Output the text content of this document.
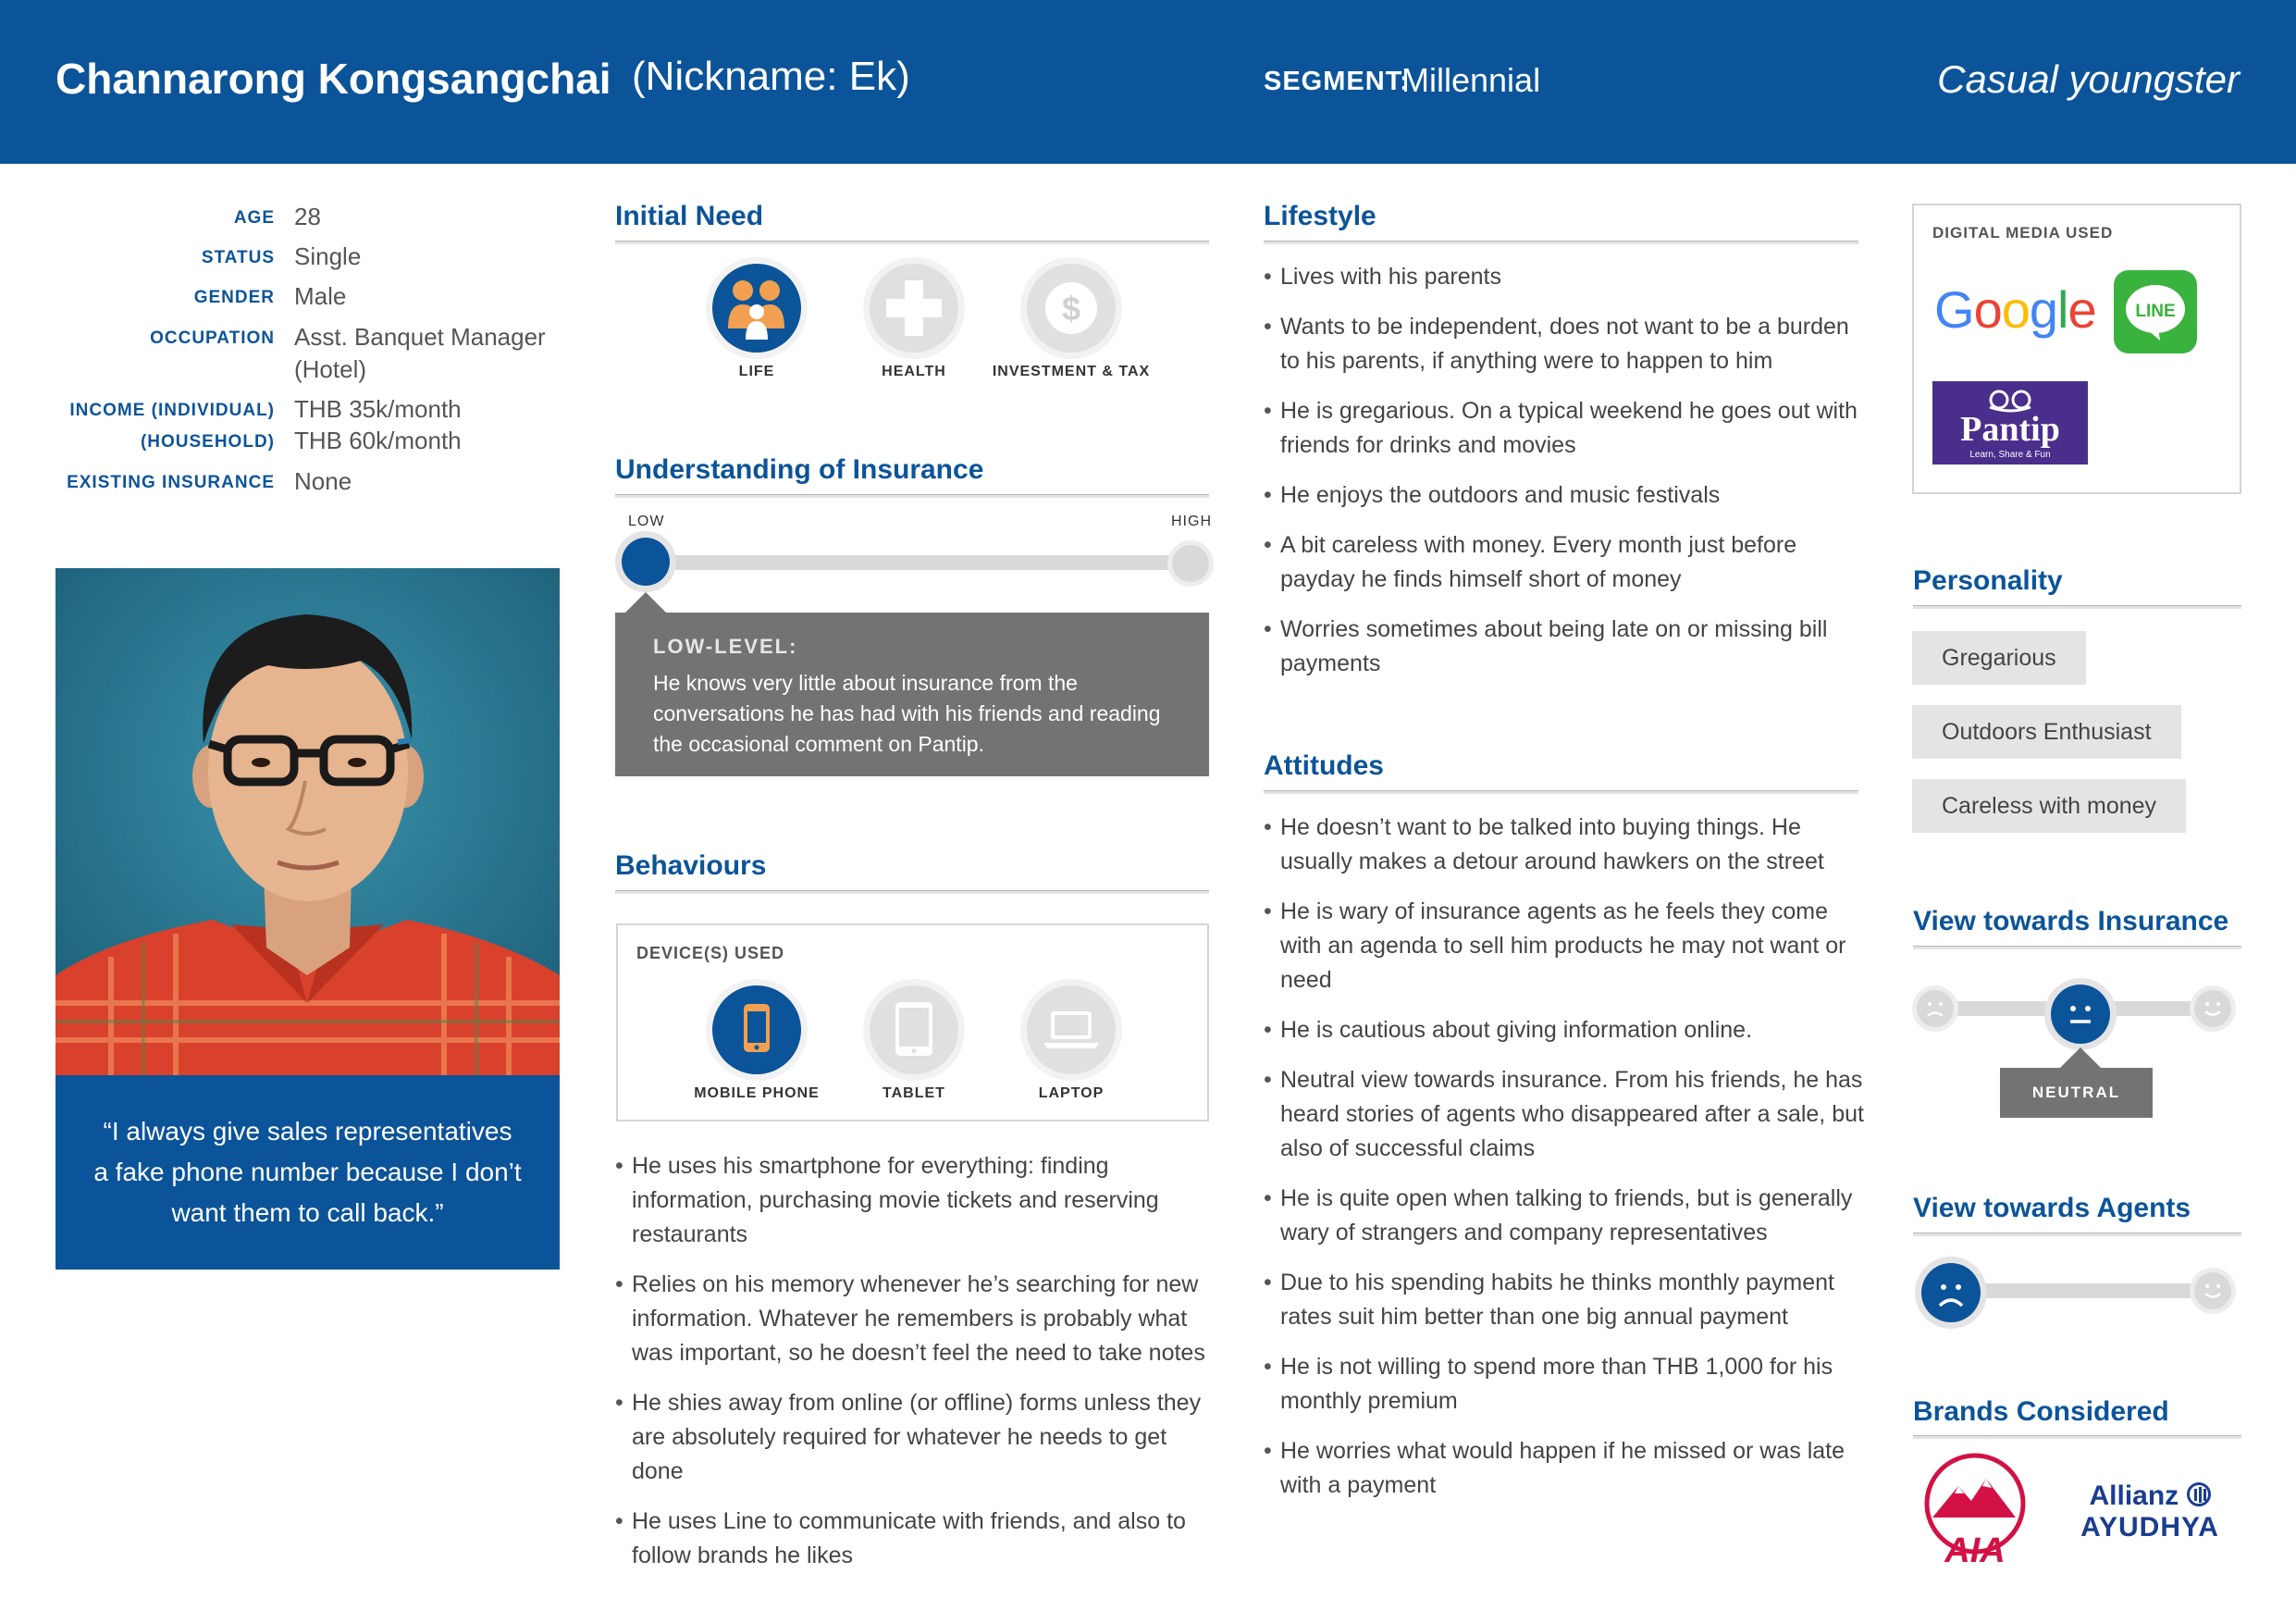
Channarong Kongsangchai (Nickname: Ek)	SEGMENT:
Millennial	Casual youngster
AGE 28
STATUS Single
GENDER Male
OCCUPATION Asst. Banquet Manager
(Hotel)
INCOME (INDIVIDUAL) THB 35k/month
(HOUSEHOLD) THB 60k/month
EXISTING INSURANCE None
“I always give sales representatives a fake phone number because I don’t want them to call back.”
Initial Need
LIFE	HEALTH
$
INVESTMENT & TAX
Understanding of Insurance
LOW	HIGH
LOW-LEVEL:
He knows very little about insurance from the conversations he has had with his friends and reading the occasional comment on Pantip.
Behaviours
DEVICE(S) USED
MOBILE PHONE	TABLET	LAPTOP
• He uses his smartphone for everything: finding information, purchasing movie tickets and reserving restaurants
• Relies on his memory whenever he’s searching for new information. Whatever he remembers is probably what was important, so he doesn’t feel the need to take notes
• He shies away from online (or offline) forms unless they are absolutely required for whatever he needs to get done
• He uses Line to communicate with friends, and also to follow brands he likes
Lifestyle
• Lives with his parents
• Wants to be independent, does not want to be a burden to his parents, if anything were to happen to him
• He is gregarious. On a typical weekend he goes out with friends for drinks and movies
• He enjoys the outdoors and music festivals
• A bit careless with money. Every month just before payday he finds himself short of money
• Worries sometimes about being late on or missing bill payments
Attitudes
• He doesn’t want to be talked into buying things. He usually makes a detour around hawkers on the street
• He is wary of insurance agents as he feels they come with an agenda to sell him products he may not want or need
• He is cautious about giving information online.
• Neutral view towards insurance. From his friends, he has heard stories of agents who disappeared after a sale, but also of successful claims
• He is quite open when talking to friends, but is generally wary of strangers and company representatives
• Due to his spending habits he thinks monthly payment rates suit him better than one big annual payment
• He is not willing to spend more than THB 1,000 for his monthly premium
• He worries what would happen if he missed or was late with a payment
DIGITAL MEDIA USED
Google LINE
Pantip
Learn, Share & Fun
Personality
Gregarious
Outdoors Enthusiast
Careless with money
View towards Insurance
NEUTRAL
View towards Agents
Brands Considered
AIA
Allianz
AYUDHYA
